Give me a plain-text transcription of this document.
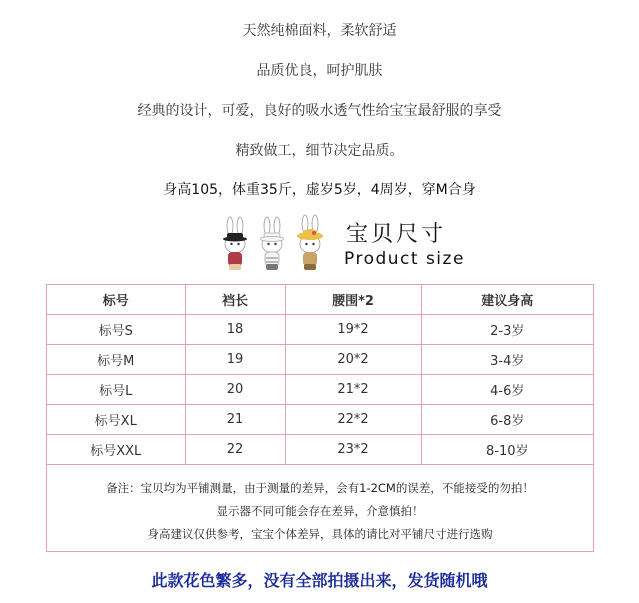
天然纯棉面料，柔软舒适
品质优良，呵护肌肤
经典的设计，可爱，良好的吸水透气性给宝宝最舒服的享受
精致做工，细节决定品质。
身高105，体重35斤，虚岁5岁，4周岁，穿M合身
宝贝尺寸
Product size
标号	裆长	腰围*2	建议身高
标号S	18	19*2	2-3岁
标号M	19	20*2	3-4岁
标号L	20	21*2	4-6岁
标号XL	21	22*2	6-8岁
标号XXL	22	23*2	8-10岁

备注：宝贝均为平铺测量，由于测量的差异，会有1-2CM的误差，不能接受的勿拍！

显示器不同可能会存在差异，介意慎拍！

身高建议仅供参考，宝宝个体差异，具体的请比对平铺尺寸进行选购

此款花色繁多，没有全部拍摄出来，发货随机哦
